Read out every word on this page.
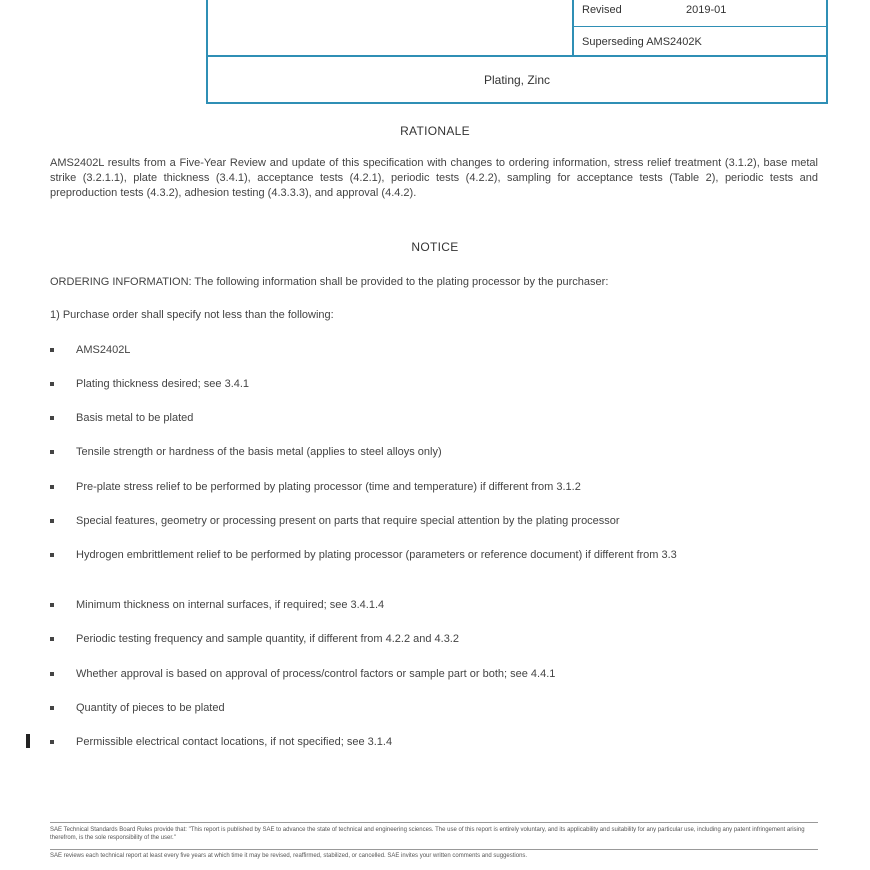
Revised	2019-01
Superseding AMS2402K
Plating, Zinc
RATIONALE
AMS2402L results from a Five-Year Review and update of this specification with changes to ordering information, stress relief treatment (3.1.2), base metal strike (3.2.1.1), plate thickness (3.4.1), acceptance tests (4.2.1), periodic tests (4.2.2), sampling for acceptance tests (Table 2), periodic tests and preproduction tests (4.3.2), adhesion testing (4.3.3.3), and approval (4.4.2).
NOTICE
ORDERING INFORMATION: The following information shall be provided to the plating processor by the purchaser:
1) Purchase order shall specify not less than the following:
AMS2402L
Plating thickness desired; see 3.4.1
Basis metal to be plated
Tensile strength or hardness of the basis metal (applies to steel alloys only)
Pre-plate stress relief to be performed by plating processor (time and temperature) if different from 3.1.2
Special features, geometry or processing present on parts that require special attention by the plating processor
Hydrogen embrittlement relief to be performed by plating processor (parameters or reference document) if different from 3.3
Minimum thickness on internal surfaces, if required; see 3.4.1.4
Periodic testing frequency and sample quantity, if different from 4.2.2 and 4.3.2
Whether approval is based on approval of process/control factors or sample part or both; see 4.4.1
Quantity of pieces to be plated
Permissible electrical contact locations, if not specified; see 3.1.4
SAE Technical Standards Board Rules provide that: "This report is published by SAE to advance the state of technical and engineering sciences. The use of this report is entirely voluntary, and its applicability and suitability for any particular use, including any patent infringement arising therefrom, is the sole responsibility of the user."
SAE reviews each technical report at least every five years at which time it may be revised, reaffirmed, stabilized, or cancelled. SAE invites your written comments and suggestions.
